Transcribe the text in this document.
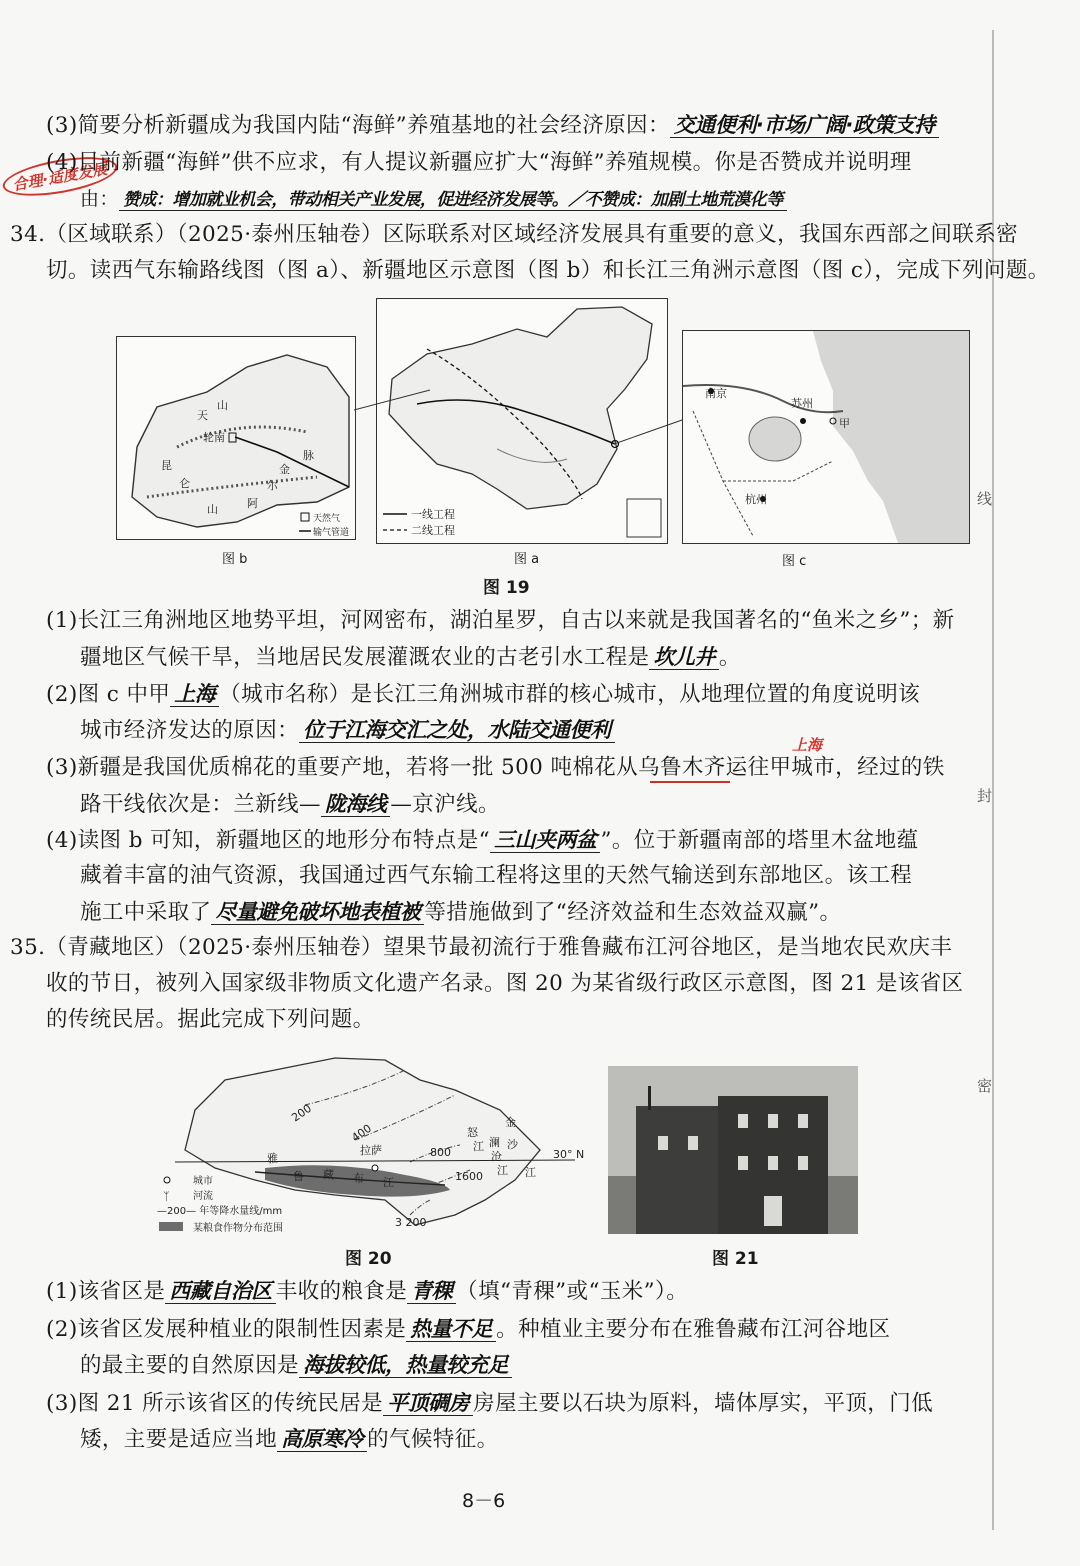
线
封
密
(3)简要分析新疆成为我国内陆“海鲜”养殖基地的社会经济原因： 交通便利·市场广阔·政策支持
合理·适度发展
(4)目前新疆“海鲜”供不应求，有人提议新疆应扩大“海鲜”养殖规模。你是否赞成并说明理
由： 赞成：增加就业机会，带动相关产业发展，促进经济发展等。／不赞成：加剧土地荒漠化等
34.（区域联系）（2025·泰州压轴卷）区际联系对区域经济发展具有重要的意义，我国东西部之间联系密
切。读西气东输路线图（图 a）、新疆地区示意图（图 b）和长江三角洲示意图（图 c），完成下列问题。
轮南
昆
仑
山	阿
尔
金
脉
天
山
天然气
输气管道
一线工程
二线工程
南京
苏州
甲
杭州
图 b	图 a	图 c
图 19
(1)长江三角洲地区地势平坦，河网密布，湖泊星罗，自古以来就是我国著名的“鱼米之乡”；新
疆地区气候干旱，当地居民发展灌溉农业的古老引水工程是 坎儿井 。
(2)图 c 中甲 上海 （城市名称）是长江三角洲城市群的核心城市，从地理位置的角度说明该
城市经济发达的原因： 位于江海交汇之处，水陆交通便利
上海
(3)新疆是我国优质棉花的重要产地，若将一批 500 吨棉花从乌鲁木齐运往甲城市，经过的铁
路干线依次是：兰新线— 陇海线 —京沪线。
(4)读图 b 可知，新疆地区的地形分布特点是“ 三山夹两盆 ”。位于新疆南部的塔里木盆地蕴
藏着丰富的油气资源，我国通过西气东输工程将这里的天然气输送到东部地区。该工程
施工中采取了 尽量避免破坏地表植被 等措施做到了“经济效益和生态效益双赢”。
35.（青藏地区）（2025·泰州压轴卷）望果节最初流行于雅鲁藏布江河谷地区，是当地农民欢庆丰
收的节日，被列入国家级非物质文化遗产名录。图 20 为某省级行政区示意图，图 21 是该省区
的传统民居。据此完成下列问题。
200
400
800
1600
3 200
拉萨
雅
鲁 藏 布 江
30° N
金
沙
江
澜
沧
江
怒
江
城市
ᛉ 河流
—200— 年等降水量线/mm
某粮食作物分布范围
图 20	图 21
(1)该省区是 西藏自治区 丰收的粮食是 青稞 （填“青稞”或“玉米”）。
(2)该省区发展种植业的限制性因素是 热量不足 。种植业主要分布在雅鲁藏布江河谷地区
的最主要的自然原因是 海拔较低，热量较充足
(3)图 21 所示该省区的传统民居是 平顶碉房 房屋主要以石块为原料，墙体厚实，平顶，门低
矮，主要是适应当地 高原寒冷 的气候特征。
8－6
